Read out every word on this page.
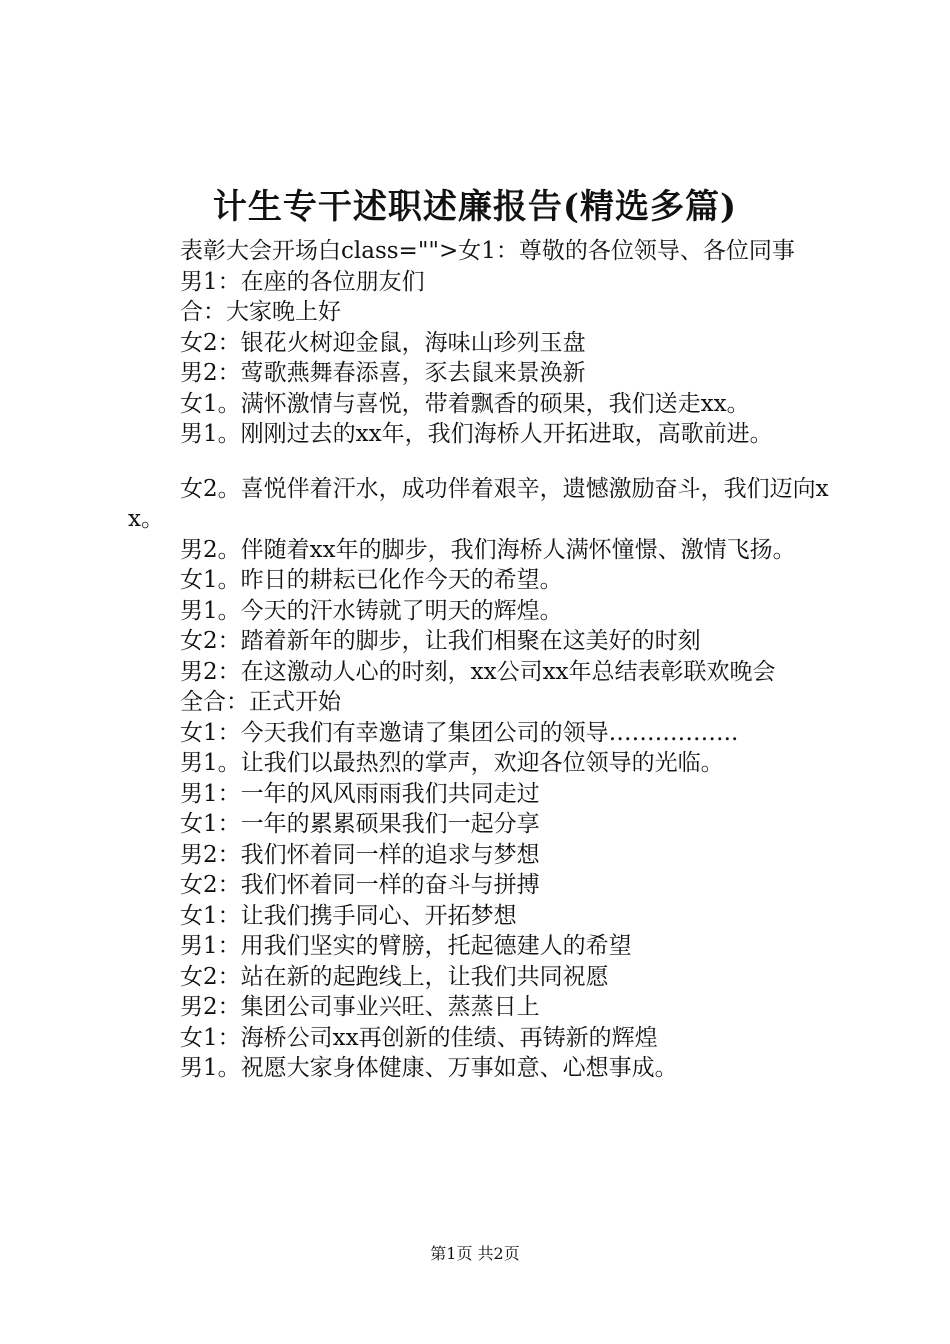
计生专干述职述廉报告(精选多篇)

表彰大会开场白class="">女1：尊敬的各位领导、各位同事

男1：在座的各位朋友们

合：大家晚上好

女2：银花火树迎金鼠，海味山珍列玉盘

男2：莺歌燕舞春添喜，豕去鼠来景涣新

女1。满怀激情与喜悦，带着飘香的硕果，我们送走xx。

男1。刚刚过去的xx年，我们海桥人开拓进取，高歌前进。

女2。喜悦伴着汗水，成功伴着艰辛，遗憾激励奋斗，我们迈向xx。

男2。伴随着xx年的脚步，我们海桥人满怀憧憬、激情飞扬。

女1。昨日的耕耘已化作今天的希望。

男1。今天的汗水铸就了明天的辉煌。

女2：踏着新年的脚步，让我们相聚在这美好的时刻

男2：在这激动人心的时刻，xx公司xx年总结表彰联欢晚会

全合：正式开始

女1：今天我们有幸邀请了集团公司的领导……………..

男1。让我们以最热烈的掌声，欢迎各位领导的光临。

男1：一年的风风雨雨我们共同走过

女1：一年的累累硕果我们一起分享

男2：我们怀着同一样的追求与梦想

女2：我们怀着同一样的奋斗与拼搏

女1：让我们携手同心、开拓梦想

男1：用我们坚实的臂膀，托起德建人的希望

女2：站在新的起跑线上，让我们共同祝愿

男2：集团公司事业兴旺、蒸蒸日上

女1：海桥公司xx再创新的佳绩、再铸新的辉煌

男1。祝愿大家身体健康、万事如意、心想事成。

第1页 共2页
